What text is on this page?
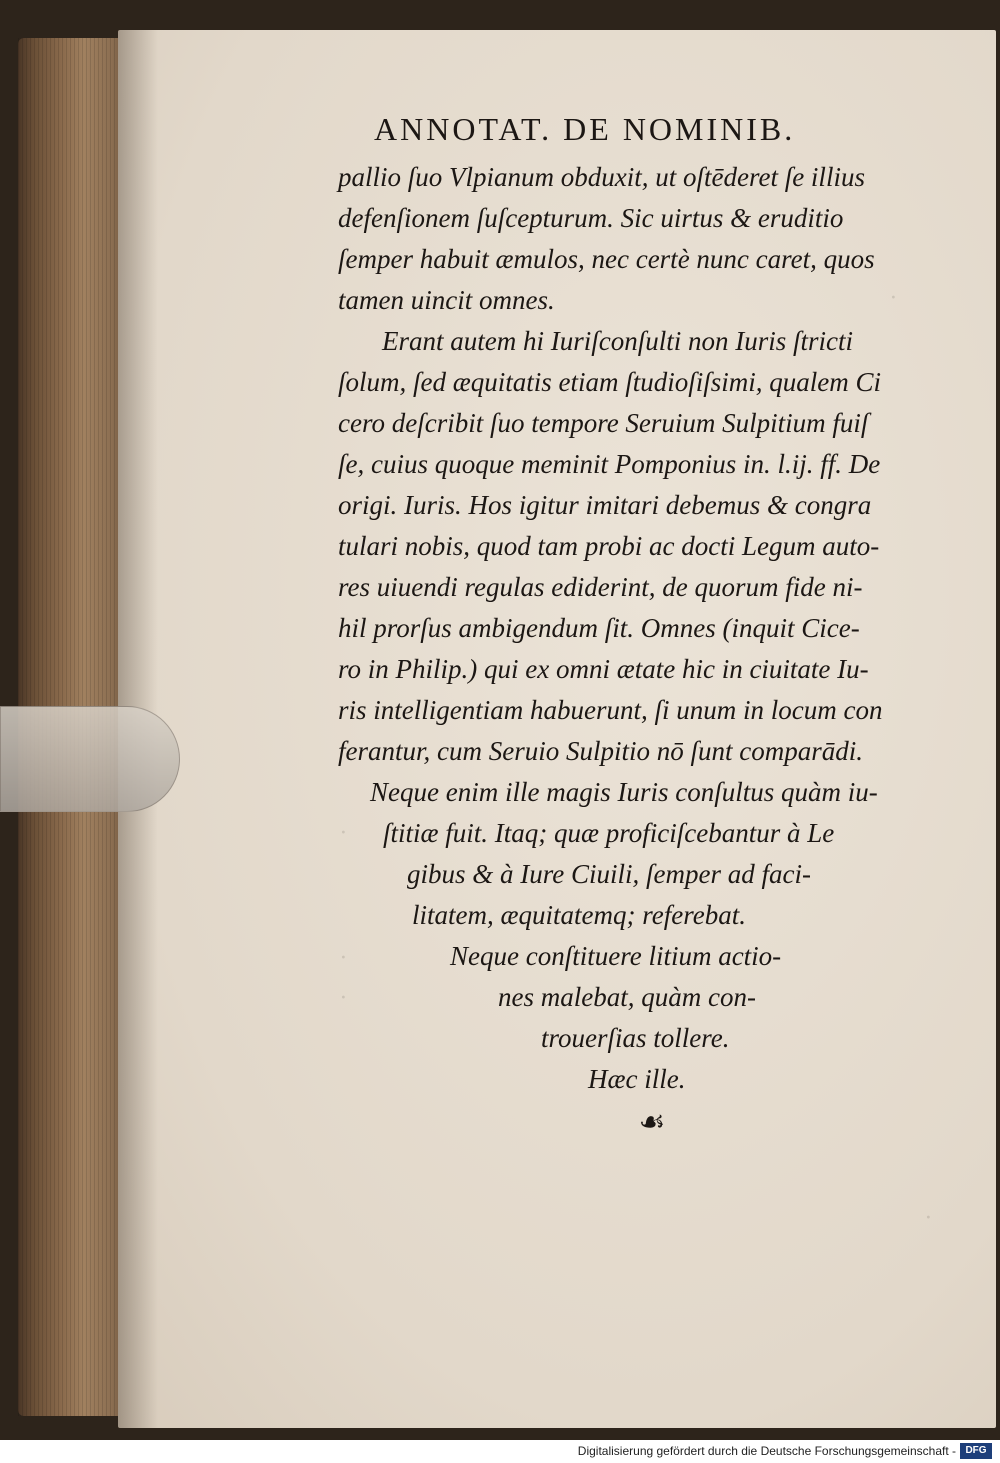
·
·
·
·
·
ANNOTAT. DE NOMINIB.
pallio ſuo Vlpianum obduxit, ut oſtēderet ſe illius
defenſionem ſuſcepturum. Sic uirtus & eruditio
ſemper habuit æmulos, nec certè nunc caret, quos
tamen uincit omnes.
Erant autem hi Iuriſconſulti non Iuris ſtricti
ſolum, ſed æquitatis etiam ſtudioſiſsimi, qualem Ci
cero deſcribit ſuo tempore Seruium Sulpitium fuiſ
ſe, cuius quoque meminit Pomponius in. l.ij. ff. De
origi. Iuris. Hos igitur imitari debemus & congra
tulari nobis, quod tam probi ac docti Legum auto-
res uiuendi regulas ediderint, de quorum fide ni-
hil prorſus ambigendum ſit. Omnes (inquit Cice-
ro in Philip.) qui ex omni ætate hic in ciuitate Iu-
ris intelligentiam habuerunt, ſi unum in locum con
ferantur, cum Seruio Sulpitio nō ſunt comparādi.
Neque enim ille magis Iuris conſultus quàm iu-
ſtitiæ fuit. Itaq; quæ proficiſcebantur à Le
gibus & à Iure Ciuili, ſemper ad faci-
litatem, æquitatemq; referebat.
Neque conſtituere litium actio-
nes malebat, quàm con-
trouerſias tollere.
Hæc ille.
☙
Digitalisierung gefördert durch die Deutsche Forschungsgemeinschaft - DFG
